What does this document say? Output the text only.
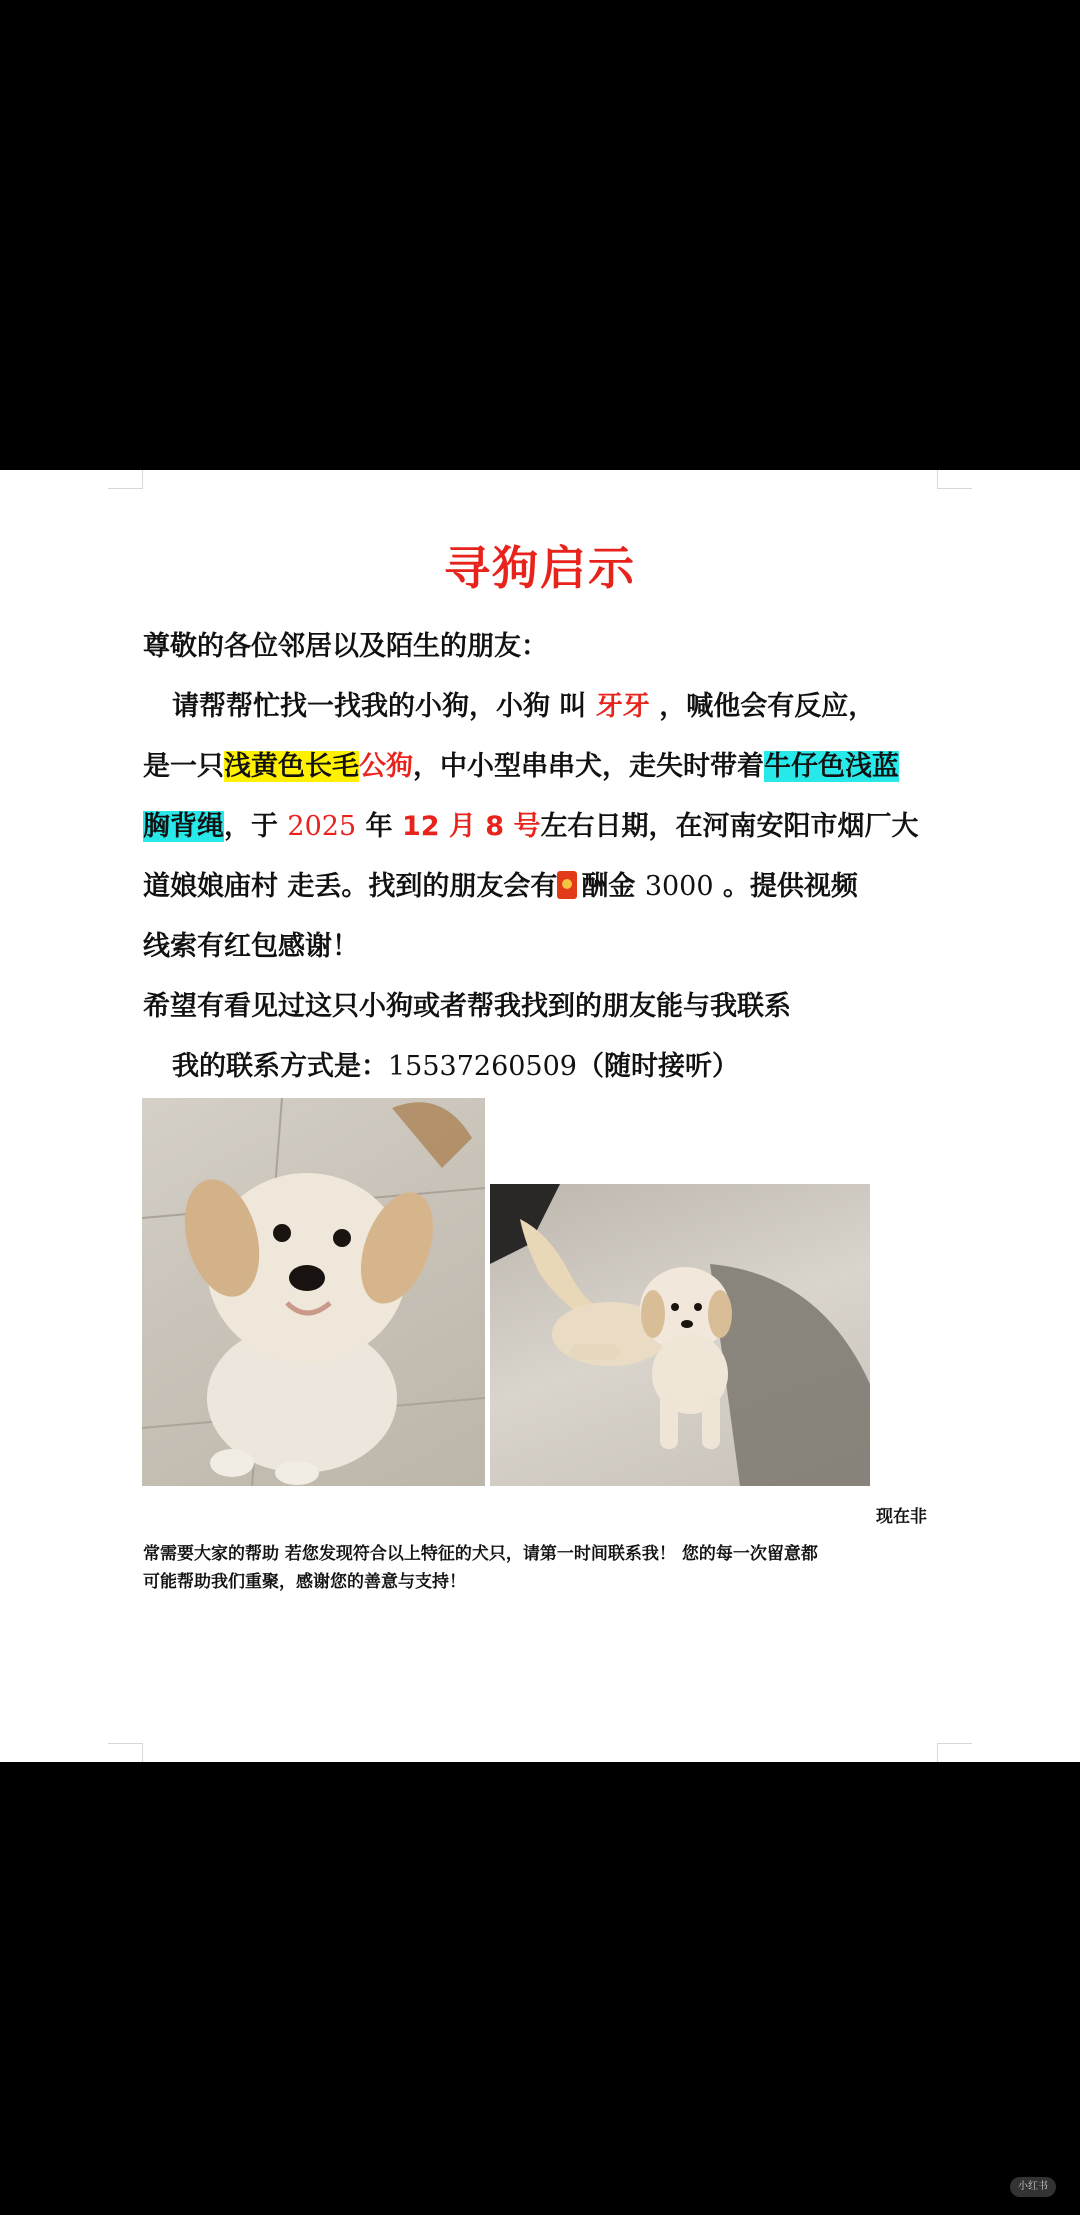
寻狗启示
尊敬的各位邻居以及陌生的朋友：
请帮帮忙找一找我的小狗，小狗 叫 牙牙 ，喊他会有反应，
是一只浅黄色长毛公狗，中小型串串犬，走失时带着牛仔色浅蓝
胸背绳，于 2025 年 12 月 8 号左右日期，在河南安阳市烟厂大
道娘娘庙村 走丢。找到的朋友会有 酬金 3000 。提供视频
线索有红包感谢！
希望有看见过这只小狗或者帮我找到的朋友能与我联系
我的联系方式是：15537260509（随时接听）
现在非
常需要大家的帮助 若您发现符合以上特征的犬只，请第一时间联系我！ 您的每一次留意都
可能帮助我们重聚，感谢您的善意与支持！
小红书
